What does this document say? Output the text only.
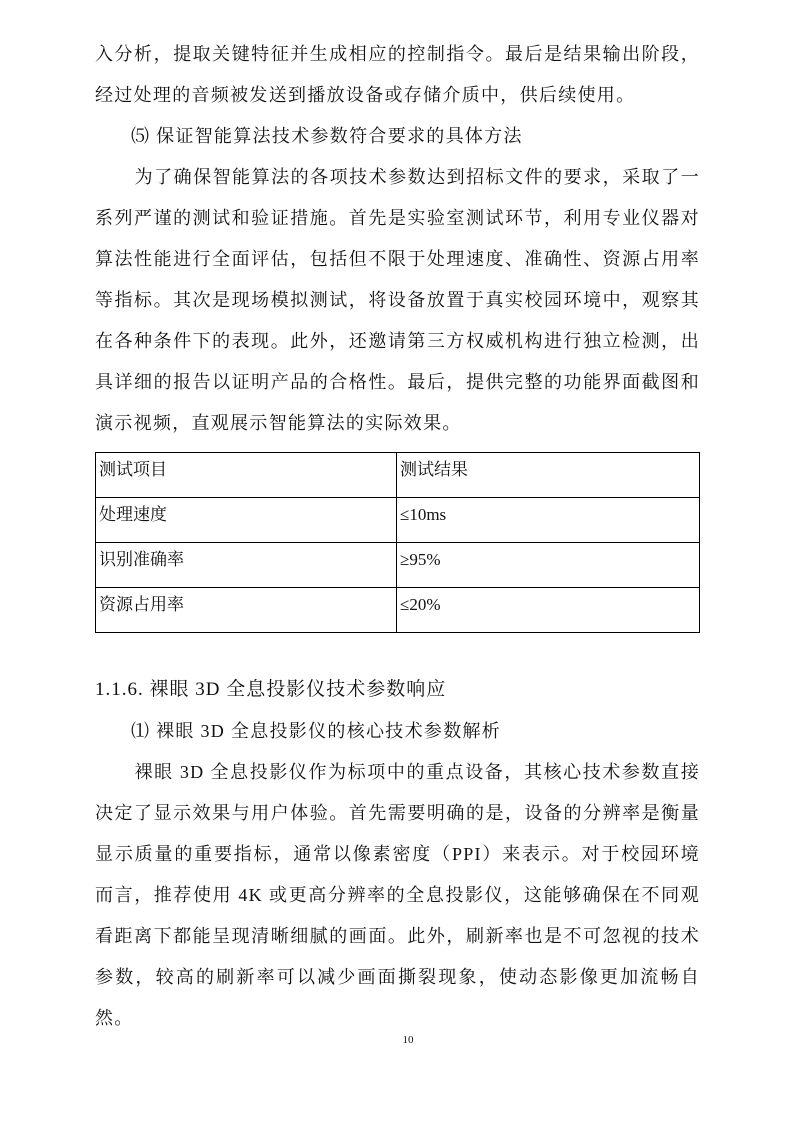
入分析，提取关键特征并生成相应的控制指令。最后是结果输出阶段，经过处理的音频被发送到播放设备或存储介质中，供后续使用。

⑸ 保证智能算法技术参数符合要求的具体方法

为了确保智能算法的各项技术参数达到招标文件的要求，采取了一系列严谨的测试和验证措施。首先是实验室测试环节，利用专业仪器对算法性能进行全面评估，包括但不限于处理速度、准确性、资源占用率等指标。其次是现场模拟测试，将设备放置于真实校园环境中，观察其在各种条件下的表现。此外，还邀请第三方权威机构进行独立检测，出具详细的报告以证明产品的合格性。最后，提供完整的功能界面截图和演示视频，直观展示智能算法的实际效果。

测试项目	测试结果
处理速度	≤10ms
识别准确率	≥95%
资源占用率	≤20%
1.1.6. 裸眼 3D 全息投影仪技术参数响应

⑴ 裸眼 3D 全息投影仪的核心技术参数解析

裸眼 3D 全息投影仪作为标项中的重点设备，其核心技术参数直接决定了显示效果与用户体验。首先需要明确的是，设备的分辨率是衡量显示质量的重要指标，通常以像素密度（PPI）来表示。对于校园环境而言，推荐使用 4K 或更高分辨率的全息投影仪，这能够确保在不同观看距离下都能呈现清晰细腻的画面。此外，刷新率也是不可忽视的技术参数，较高的刷新率可以减少画面撕裂现象，使动态影像更加流畅自然。

10
